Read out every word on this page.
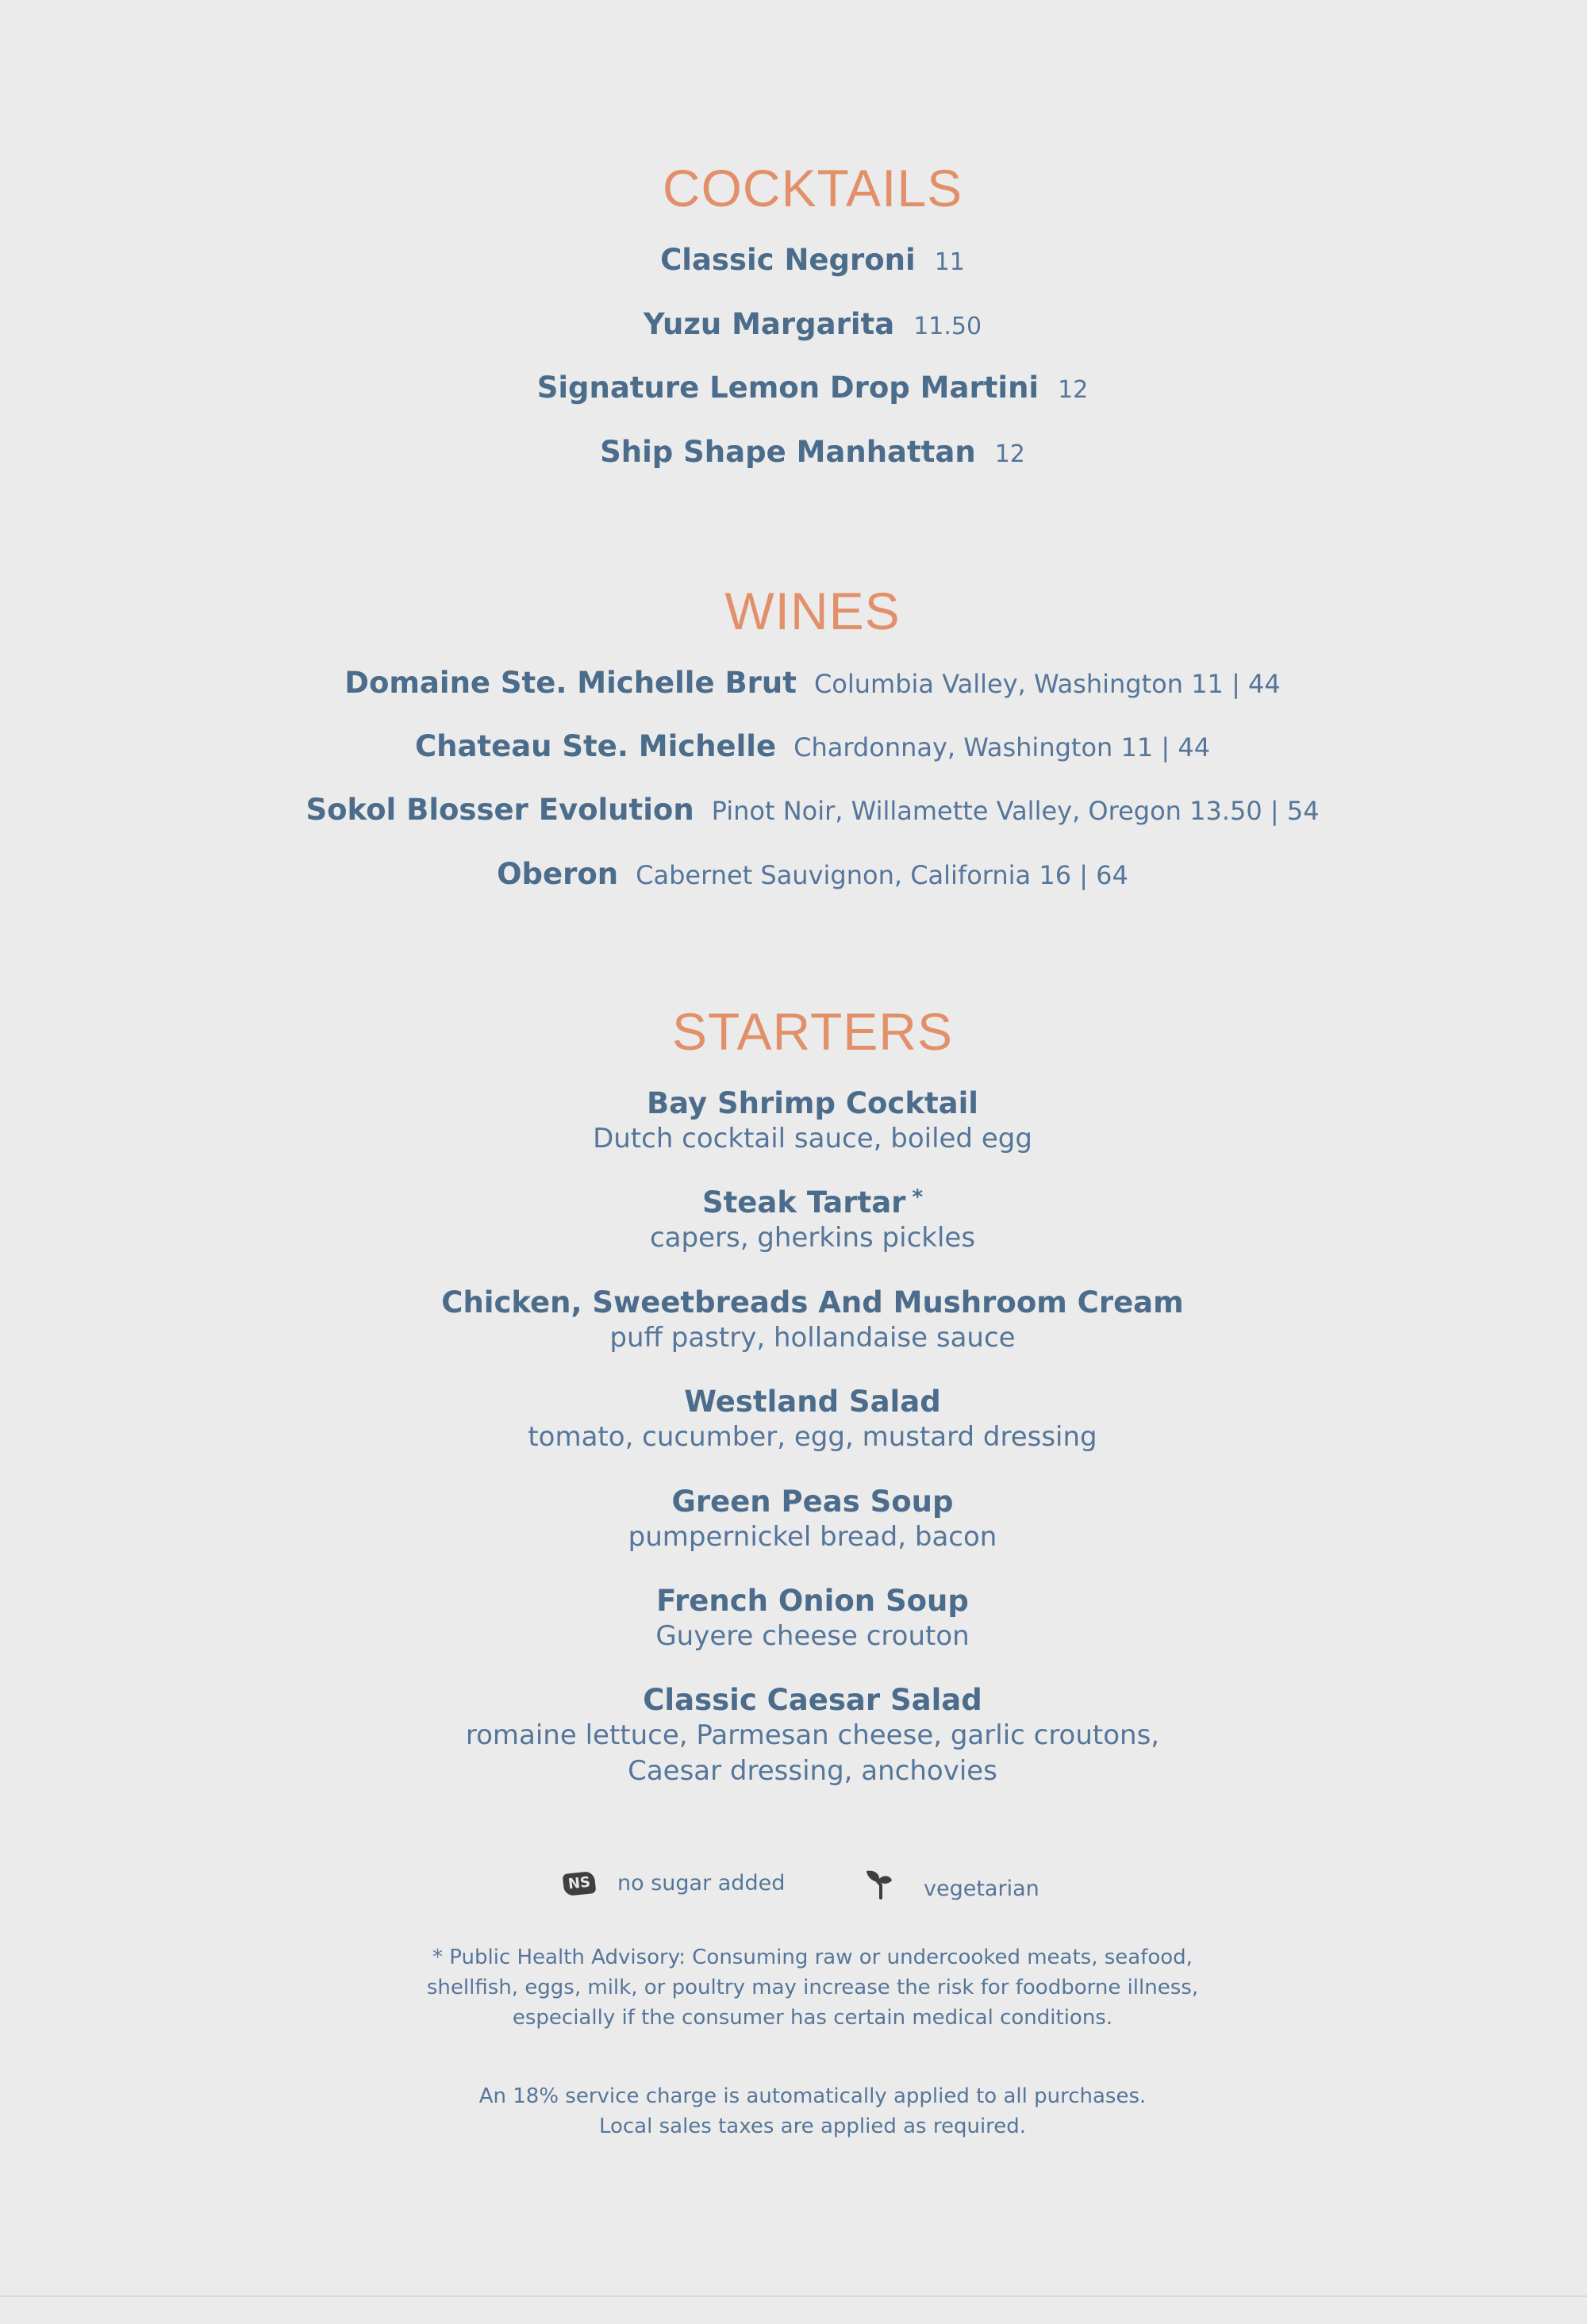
COCKTAILS
Classic Negroni 11
Yuzu Margarita 11.50
Signature Lemon Drop Martini 12
Ship Shape Manhattan 12
WINES
Domaine Ste. Michelle Brut Columbia Valley, Washington 11 | 44
Chateau Ste. Michelle Chardonnay, Washington 11 | 44
Sokol Blosser Evolution Pinot Noir, Willamette Valley, Oregon 13.50 | 54
Oberon Cabernet Sauvignon, California 16 | 64
STARTERS
Bay Shrimp Cocktail
Dutch cocktail sauce, boiled egg
Steak Tartar *
capers, gherkins pickles
Chicken, Sweetbreads And Mushroom Cream
puff pastry, hollandaise sauce
Westland Salad
tomato, cucumber, egg, mustard dressing
Green Peas Soup
pumpernickel bread, bacon
French Onion Soup
Guyere cheese crouton
Classic Caesar Salad
romaine lettuce, Parmesan cheese, garlic croutons,
Caesar dressing, anchovies
NS no sugar added	vegetarian
* Public Health Advisory: Consuming raw or undercooked meats, seafood,
shellfish, eggs, milk, or poultry may increase the risk for foodborne illness,
especially if the consumer has certain medical conditions.
An 18% service charge is automatically applied to all purchases.
Local sales taxes are applied as required.
